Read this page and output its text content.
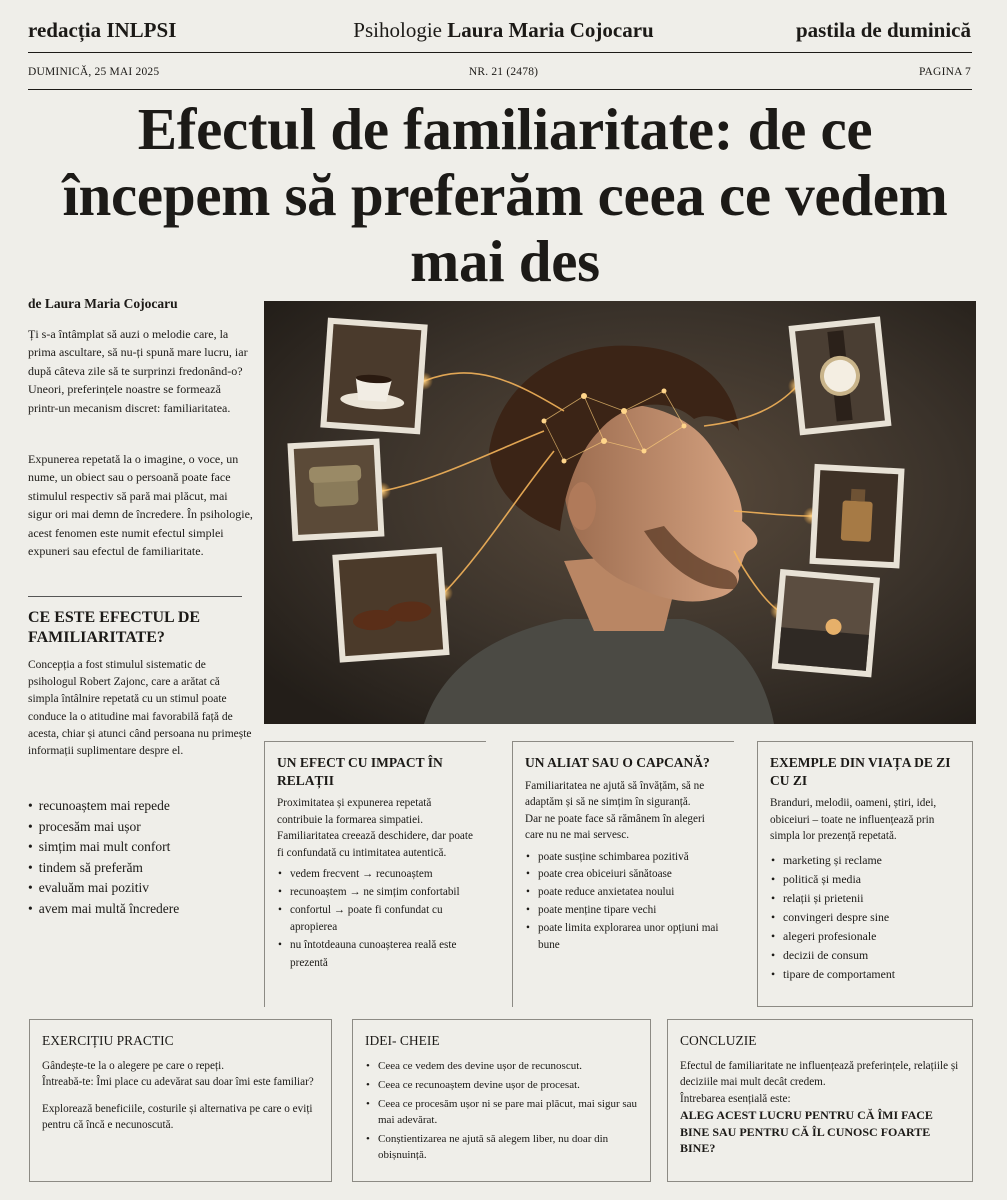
redacția INLPSI	Psihologie Laura Maria Cojocaru	pastila de duminică
DUMINICĂ, 25 MAI 2025	NR. 21 (2478)	PAGINA 7
Efectul de familiaritate: de ce începem să preferăm ceea ce vedem mai des
de Laura Maria Cojocaru

Ți s-a întâmplat să auzi o melodie care, la prima ascultare, să nu-ți spună mare lucru, iar după câteva zile să te surprinzi fredonând-o? Uneori, preferințele noastre se formează printr-un mecanism discret: familiaritatea.

Expunerea repetată la o imagine, o voce, un nume, un obiect sau o persoană poate face stimulul respectiv să pară mai plăcut, mai sigur ori mai demn de încredere. În psihologie, acest fenomen este numit efectul simplei expuneri sau efectul de familiaritate.

CE ESTE EFECTUL DE FAMILIARITATE?

Concepția a fost stimulul sistematic de psihologul Robert Zajonc, care a arătat că simpla întâlnire repetată cu un stimul poate conduce la o atitudine mai favorabilă față de acesta, chiar și atunci când persoana nu primește informații suplimentare despre el.

• recunoaștem mai repede
• procesăm mai ușor
• simțim mai mult confort
• tindem să preferăm
• evaluăm mai pozitiv
• avem mai multă încredere
UN EFECT CU IMPACT ÎN RELAȚII

Proximitatea și expunerea repetată contribuie la formarea simpatiei. Familiaritatea creează deschidere, dar poate fi confundată cu intimitatea autentică.

• vedem frecvent → recunoaștem
• recunoaștem → ne simțim confortabil
• confortul → poate fi confundat cu apropierea
• nu întotdeauna cunoașterea reală este prezentă
UN ALIAT SAU O CAPCANĂ?

Familiaritatea ne ajută să învățăm, să ne adaptăm și să ne simțim în siguranță.

Dar ne poate face să rămânem în alegeri care nu ne mai servesc.

• poate susține schimbarea pozitivă
• poate crea obiceiuri sănătoase
• poate reduce anxietatea noului
• poate menține tipare vechi
• poate limita explorarea unor opțiuni mai bune
EXEMPLE DIN VIAȚA DE ZI CU ZI

Branduri, melodii, oameni, știri, idei, obiceiuri – toate ne influențează prin simpla lor prezență repetată.

• marketing și reclame
• politică și media
• relații și prietenii
• convingeri despre sine
• alegeri profesionale
• decizii de consum
• tipare de comportament
EXERCIȚIU PRACTIC

Gândește-te la o alegere pe care o repeți.

Întreabă-te: Îmi place cu adevărat sau doar îmi este familiar?

Explorează beneficiile, costurile și alternativa pe care o eviți pentru că încă e necunoscută.

IDEI- CHEIE
• Ceea ce vedem des devine ușor de recunoscut.
• Ceea ce recunoaștem devine ușor de procesat.
• Ceea ce procesăm ușor ni se pare mai plăcut, mai sigur sau mai adevărat.
• Conștientizarea ne ajută să alegem liber, nu doar din obișnuință.
CONCLUZIE

Efectul de familiaritate ne influențează preferințele, relațiile și deciziile mai mult decât credem.

Întrebarea esențială este:
ALEG ACEST LUCRU PENTRU CĂ ÎMI FACE BINE SAU PENTRU CĂ ÎL CUNOSC FOARTE BINE?
